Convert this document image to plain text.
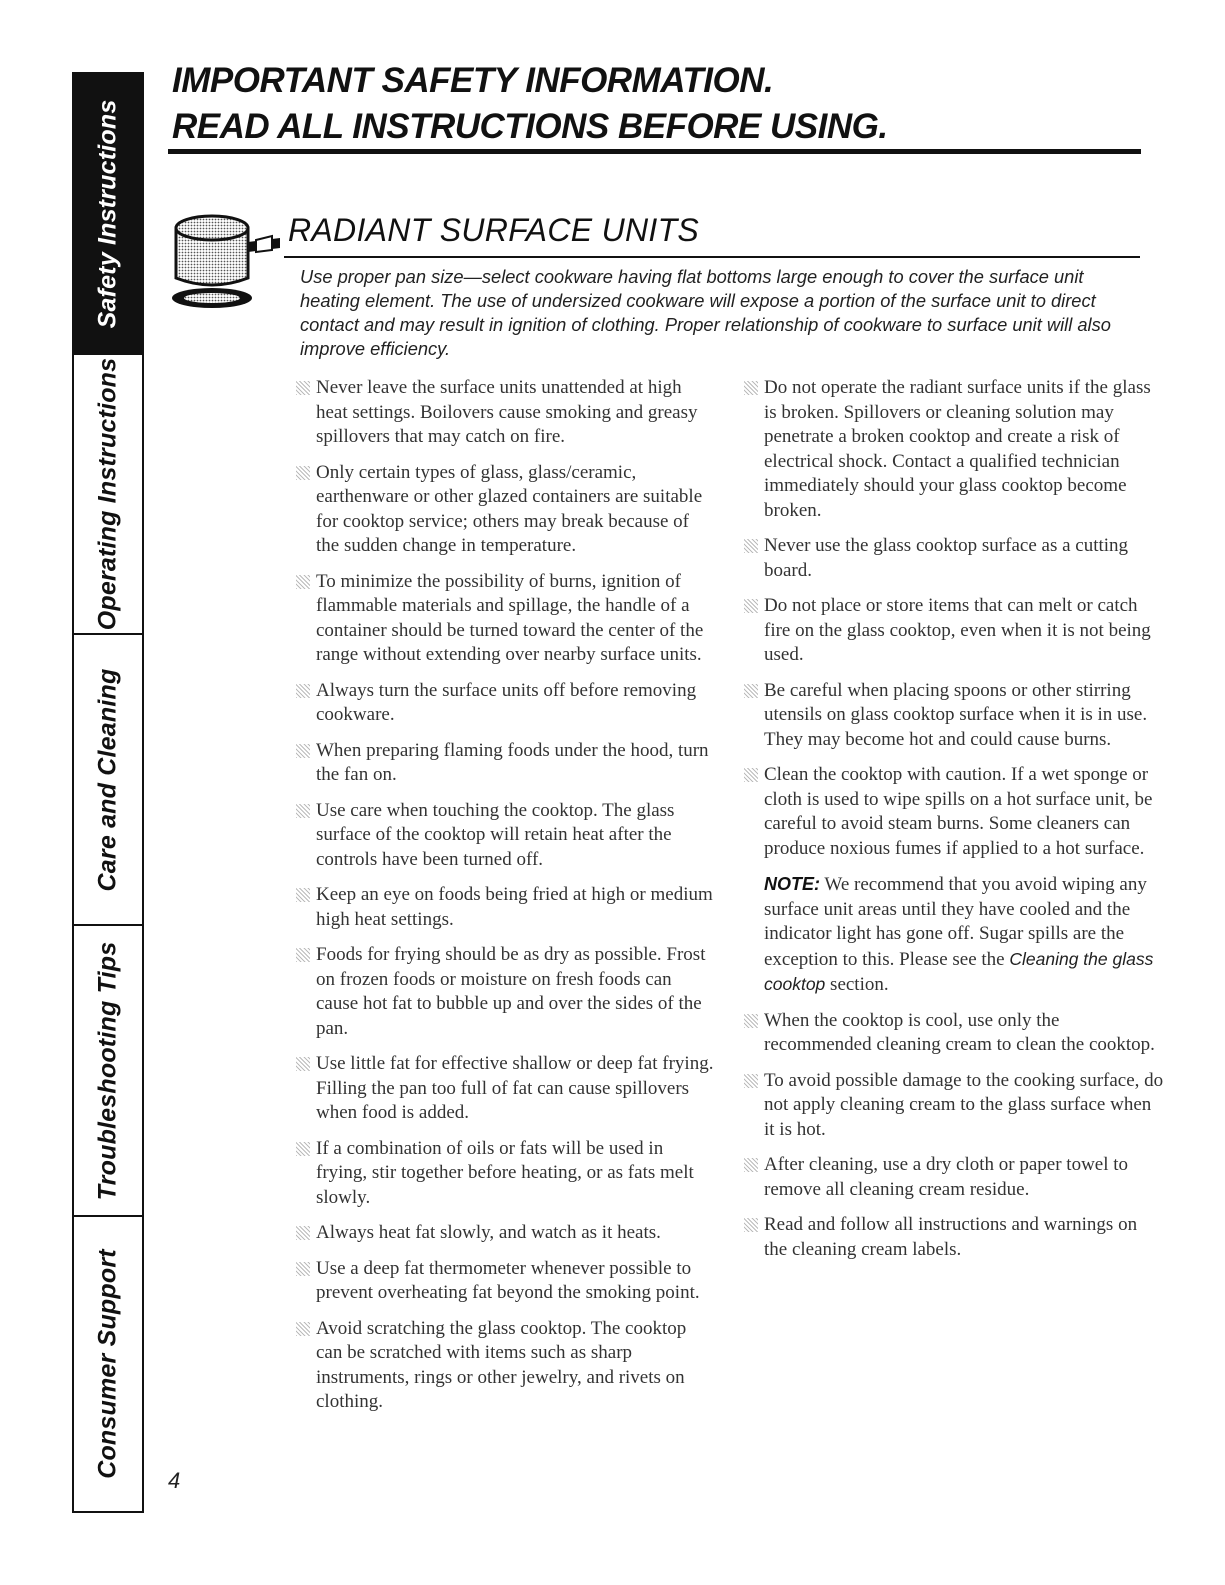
Safety Instructions
Operating Instructions
Care and Cleaning
Troubleshooting Tips
Consumer Support
IMPORTANT SAFETY INFORMATION.
READ ALL INSTRUCTIONS BEFORE USING.
RADIANT SURFACE UNITS
Use proper pan size—select cookware having flat bottoms large enough to cover the surface unit heating element. The use of undersized cookware will expose a portion of the surface unit to direct contact and may result in ignition of clothing. Proper relationship of cookware to surface unit will also improve efficiency.
Never leave the surface units unattended at high heat settings. Boilovers cause smoking and greasy spillovers that may catch on fire.
Only certain types of glass, glass/ceramic, earthenware or other glazed containers are suitable for cooktop service; others may break because of the sudden change in temperature.
To minimize the possibility of burns, ignition of flammable materials and spillage, the handle of a container should be turned toward the center of the range without extending over nearby surface units.
Always turn the surface units off before removing cookware.
When preparing flaming foods under the hood, turn the fan on.
Use care when touching the cooktop. The glass surface of the cooktop will retain heat after the controls have been turned off.
Keep an eye on foods being fried at high or medium high heat settings.
Foods for frying should be as dry as possible. Frost on frozen foods or moisture on fresh foods can cause hot fat to bubble up and over the sides of the pan.
Use little fat for effective shallow or deep fat frying. Filling the pan too full of fat can cause spillovers when food is added.
If a combination of oils or fats will be used in frying, stir together before heating, or as fats melt slowly.
Always heat fat slowly, and watch as it heats.
Use a deep fat thermometer whenever possible to prevent overheating fat beyond the smoking point.
Avoid scratching the glass cooktop. The cooktop can be scratched with items such as sharp instruments, rings or other jewelry, and rivets on clothing.
Do not operate the radiant surface units if the glass is broken. Spillovers or cleaning solution may penetrate a broken cooktop and create a risk of electrical shock. Contact a qualified technician immediately should your glass cooktop become broken.
Never use the glass cooktop surface as a cutting board.
Do not place or store items that can melt or catch fire on the glass cooktop, even when it is not being used.
Be careful when placing spoons or other stirring utensils on glass cooktop surface when it is in use. They may become hot and could cause burns.
Clean the cooktop with caution. If a wet sponge or cloth is used to wipe spills on a hot surface unit, be careful to avoid steam burns. Some cleaners can produce noxious fumes if applied to a hot surface.
NOTE: We recommend that you avoid wiping any surface unit areas until they have cooled and the indicator light has gone off. Sugar spills are the exception to this. Please see the Cleaning the glass cooktop section.
When the cooktop is cool, use only the recommended cleaning cream to clean the cooktop.
To avoid possible damage to the cooking surface, do not apply cleaning cream to the glass surface when it is hot.
After cleaning, use a dry cloth or paper towel to remove all cleaning cream residue.
Read and follow all instructions and warnings on the cleaning cream labels.
4
